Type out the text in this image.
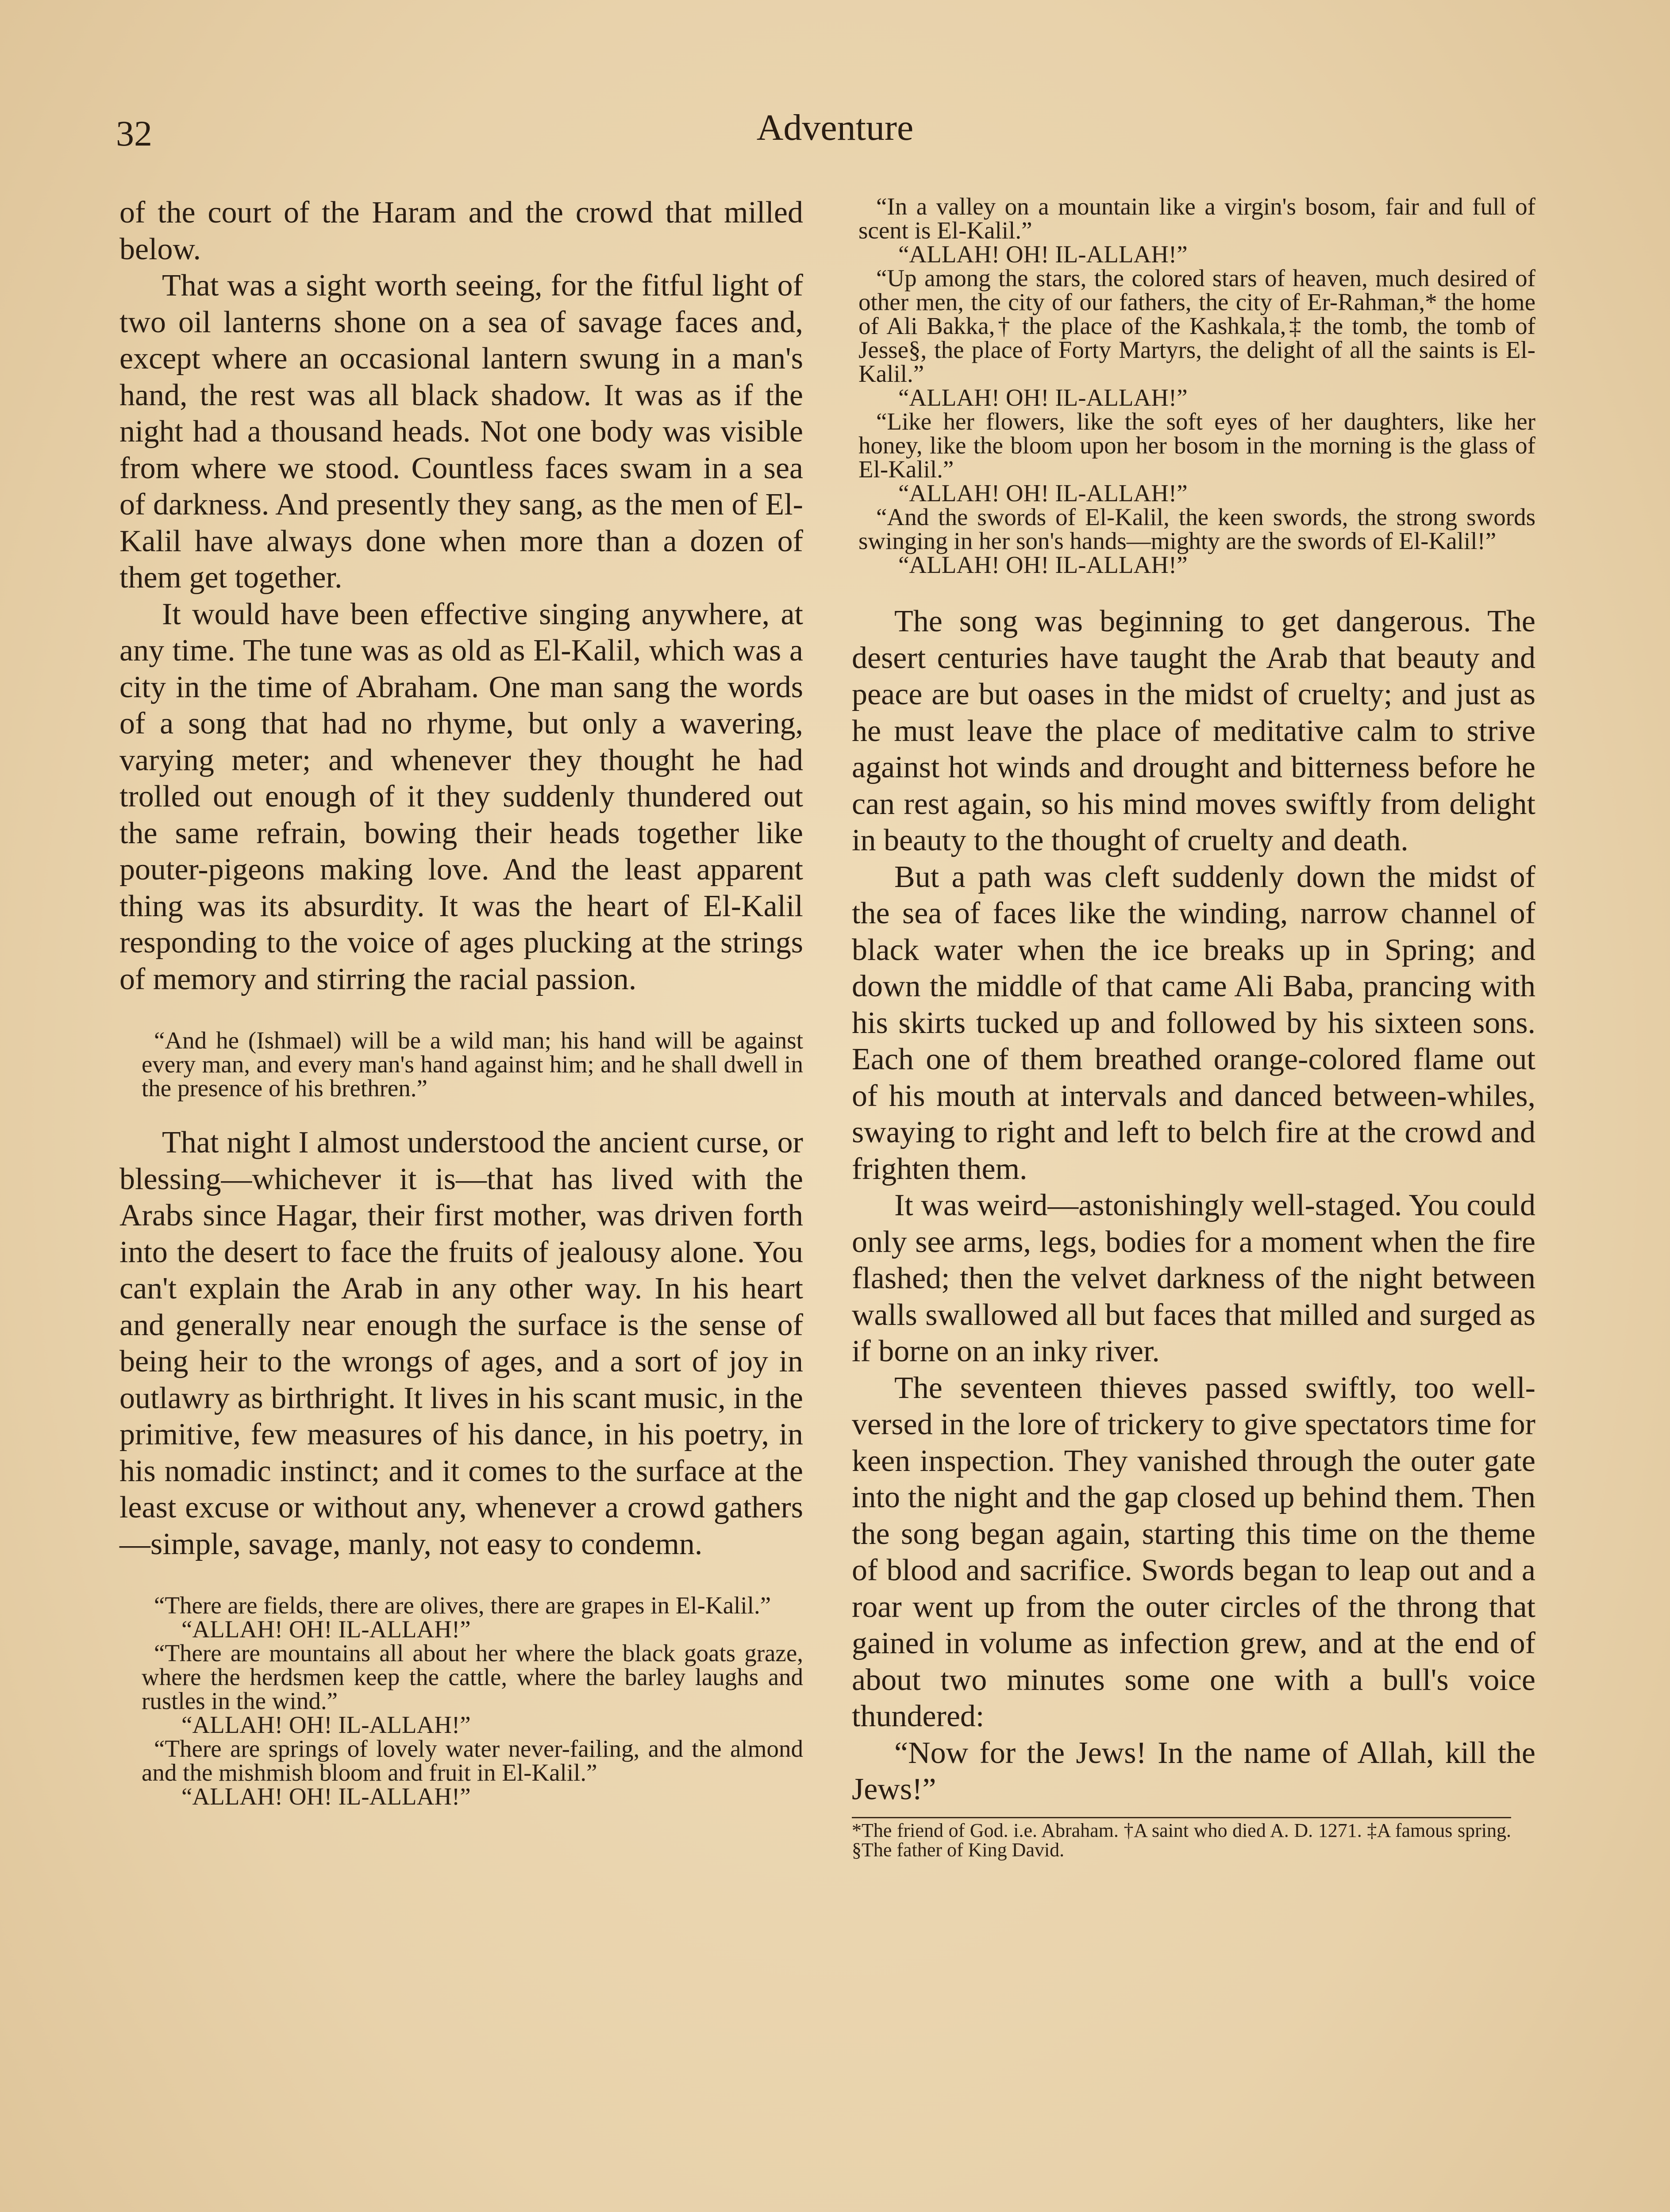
32	Adventure

of the court of the Haram and the crowd that milled below.

That was a sight worth seeing, for the fitful light of two oil lanterns shone on a sea of savage faces and, except where an occasional lantern swung in a man's hand, the rest was all black shadow. It was as if the night had a thousand heads. Not one body was visible from where we stood. Countless faces swam in a sea of darkness. And presently they sang, as the men of El-Kalil have always done when more than a dozen of them get together.

It would have been effective singing anywhere, at any time. The tune was as old as El-Kalil, which was a city in the time of Abraham. One man sang the words of a song that had no rhyme, but only a wavering, varying meter; and whenever they thought he had trolled out enough of it they suddenly thundered out the same refrain, bowing their heads together like pouter-pigeons making love. And the least apparent thing was its absurdity. It was the heart of El-Kalil responding to the voice of ages plucking at the strings of memory and stirring the racial passion.

“And he (Ishmael) will be a wild man; his hand will be against every man, and every man's hand against him; and he shall dwell in the presence of his brethren.”

That night I almost understood the ancient curse, or blessing—whichever it is—that has lived with the Arabs since Hagar, their first mother, was driven forth into the desert to face the fruits of jealousy alone. You can't explain the Arab in any other way. In his heart and generally near enough the surface is the sense of being heir to the wrongs of ages, and a sort of joy in outlawry as birthright. It lives in his scant music, in the primitive, few measures of his dance, in his poetry, in his nomadic instinct; and it comes to the surface at the least excuse or without any, whenever a crowd gathers—simple, savage, manly, not easy to condemn.

“There are fields, there are olives, there are grapes in El-Kalil.”
“ALLAH! OH! IL-ALLAH!”
“There are mountains all about her where the black goats graze, where the herdsmen keep the cattle, where the barley laughs and rustles in the wind.”
“ALLAH! OH! IL-ALLAH!”
“There are springs of lovely water never-failing, and the almond and the mishmish bloom and fruit in El-Kalil.”
“ALLAH! OH! IL-ALLAH!”
“In a valley on a mountain like a virgin's bosom, fair and full of scent is El-Kalil.”
“ALLAH! OH! IL-ALLAH!”
“Up among the stars, the colored stars of heaven, much desired of other men, the city of our fathers, the city of Er-Rahman,* the home of Ali Bakka,† the place of the Kashkala,‡ the tomb, the tomb of Jesse§, the place of Forty Martyrs, the delight of all the saints is El-Kalil.”
“ALLAH! OH! IL-ALLAH!”
“Like her flowers, like the soft eyes of her daughters, like her honey, like the bloom upon her bosom in the morning is the glass of El-Kalil.”
“ALLAH! OH! IL-ALLAH!”
“And the swords of El-Kalil, the keen swords, the strong swords swinging in her son's hands—mighty are the swords of El-Kalil!”
“ALLAH! OH! IL-ALLAH!”

The song was beginning to get dangerous. The desert centuries have taught the Arab that beauty and peace are but oases in the midst of cruelty; and just as he must leave the place of meditative calm to strive against hot winds and drought and bitterness before he can rest again, so his mind moves swiftly from delight in beauty to the thought of cruelty and death.

But a path was cleft suddenly down the midst of the sea of faces like the winding, narrow channel of black water when the ice breaks up in Spring; and down the middle of that came Ali Baba, prancing with his skirts tucked up and followed by his sixteen sons. Each one of them breathed orange-colored flame out of his mouth at intervals and danced between-whiles, swaying to right and left to belch fire at the crowd and frighten them.

It was weird—astonishingly well-staged. You could only see arms, legs, bodies for a moment when the fire flashed; then the velvet darkness of the night between walls swallowed all but faces that milled and surged as if borne on an inky river.

The seventeen thieves passed swiftly, too well-versed in the lore of trickery to give spectators time for keen inspection. They vanished through the outer gate into the night and the gap closed up behind them. Then the song began again, starting this time on the theme of blood and sacrifice. Swords began to leap out and a roar went up from the outer circles of the throng that gained in volume as infection grew, and at the end of about two minutes some one with a bull's voice thundered:

“Now for the Jews! In the name of Allah, kill the Jews!”

*The friend of God. i.e. Abraham. †A saint who died A. D. 1271. ‡A famous spring. §The father of King David.
